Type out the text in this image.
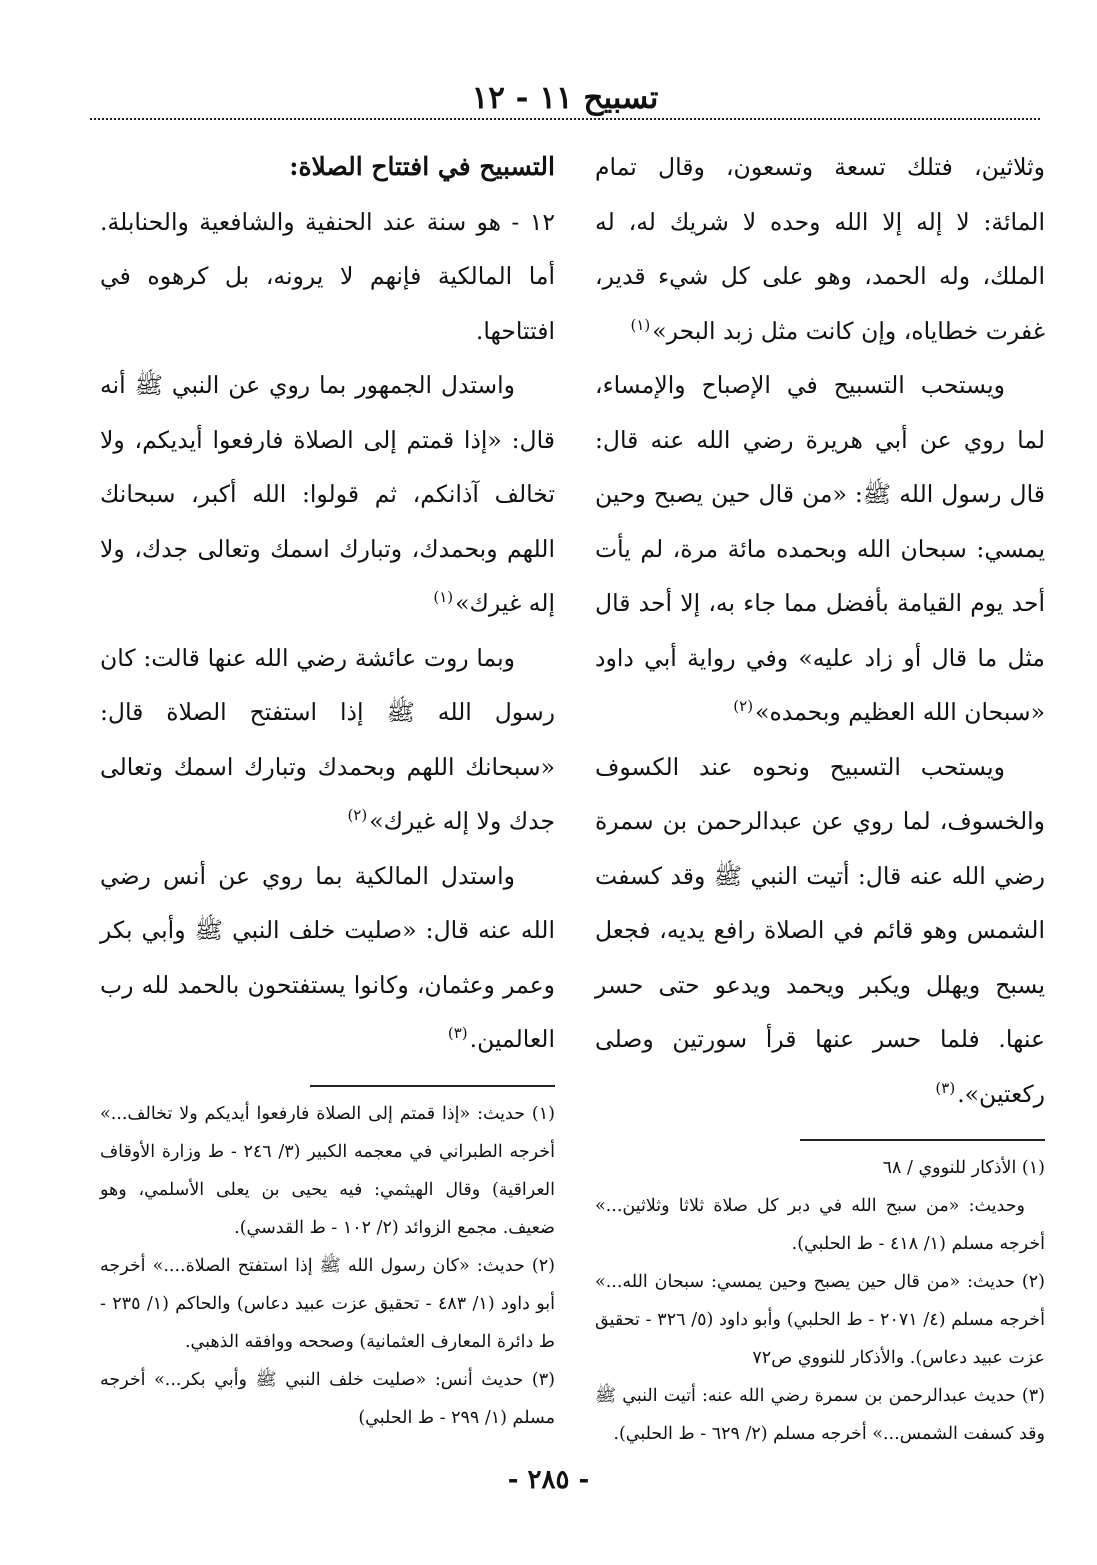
تسبيح ١١ - ١٢

وثلاثين، فتلك تسعة وتسعون، وقال تمام المائة: لا إله إلا الله وحده لا شريك له، له الملك، وله الحمد، وهو على كل شيء قدير، غفرت خطاياه، وإن كانت مثل زبد البحر»$^{(١)}$

ويستحب التسبيح في الإصباح والإمساء، لما روي عن أبي هريرة رضي الله عنه قال: قال رسول الله ﷺ: «من قال حين يصبح وحين يمسي: سبحان الله وبحمده مائة مرة، لم يأت أحد يوم القيامة بأفضل مما جاء به، إلا أحد قال مثل ما قال أو زاد عليه» وفي رواية أبي داود «سبحان الله العظيم وبحمده»$^{(٢)}$

ويستحب التسبيح ونحوه عند الكسوف والخسوف، لما روي عن عبدالرحمن بن سمرة رضي الله عنه قال: أتيت النبي ﷺ وقد كسفت الشمس وهو قائم في الصلاة رافع يديه، فجعل يسبح ويهلل ويكبر ويحمد ويدعو حتى حسر عنها. فلما حسر عنها قرأ سورتين وصلى ركعتين».$^{(٣)}$

(١) الأذكار للنووي / ٦٨

وحديث: «من سبح الله في دبر كل صلاة ثلاثا وثلاثين...» أخرجه مسلم (١/ ٤١٨ - ط الحلبي).

(٢) حديث: «من قال حين يصبح وحين يمسي: سبحان الله...» أخرجه مسلم (٤/ ٢٠٧١ - ط الحلبي) وأبو داود (٥/ ٣٢٦ - تحقيق عزت عبيد دعاس). والأذكار للنووي ص٧٢

(٣) حديث عبدالرحمن بن سمرة رضي الله عنه: أتيت النبي ﷺ وقد كسفت الشمس...» أخرجه مسلم (٢/ ٦٢٩ - ط الحلبي).

التسبيح في افتتاح الصلاة:

١٢ - هو سنة عند الحنفية والشافعية والحنابلة. أما المالكية فإنهم لا يرونه، بل كرهوه في افتتاحها.

واستدل الجمهور بما روي عن النبي ﷺ أنه قال: «إذا قمتم إلى الصلاة فارفعوا أيديكم، ولا تخالف آذانكم، ثم قولوا: الله أكبر، سبحانك اللهم وبحمدك، وتبارك اسمك وتعالى جدك، ولا إله غيرك»$^{(١)}$

وبما روت عائشة رضي الله عنها قالت: كان رسول الله ﷺ إذا استفتح الصلاة قال: «سبحانك اللهم وبحمدك وتبارك اسمك وتعالى جدك ولا إله غيرك»$^{(٢)}$

واستدل المالكية بما روي عن أنس رضي الله عنه قال: «صليت خلف النبي ﷺ وأبي بكر وعمر وعثمان، وكانوا يستفتحون بالحمد لله رب العالمين.$^{(٣)}$

(١) حديث: «إذا قمتم إلى الصلاة فارفعوا أيديكم ولا تخالف...» أخرجه الطبراني في معجمه الكبير (٣/ ٢٤٦ - ط وزارة الأوقاف العراقية) وقال الهيثمي: فيه يحيى بن يعلى الأسلمي، وهو ضعيف. مجمع الزوائد (٢/ ١٠٢ - ط القدسي).

(٢) حديث: «كان رسول الله ﷺ إذا استفتح الصلاة....» أخرجه أبو داود (١/ ٤٨٣ - تحقيق عزت عبيد دعاس) والحاكم (١/ ٢٣٥ - ط دائرة المعارف العثمانية) وصححه ووافقه الذهبي.

(٣) حديث أنس: «صليت خلف النبي ﷺ وأبي بكر...» أخرجه مسلم (١/ ٢٩٩ - ط الحلبي)

- ٢٨٥ -
